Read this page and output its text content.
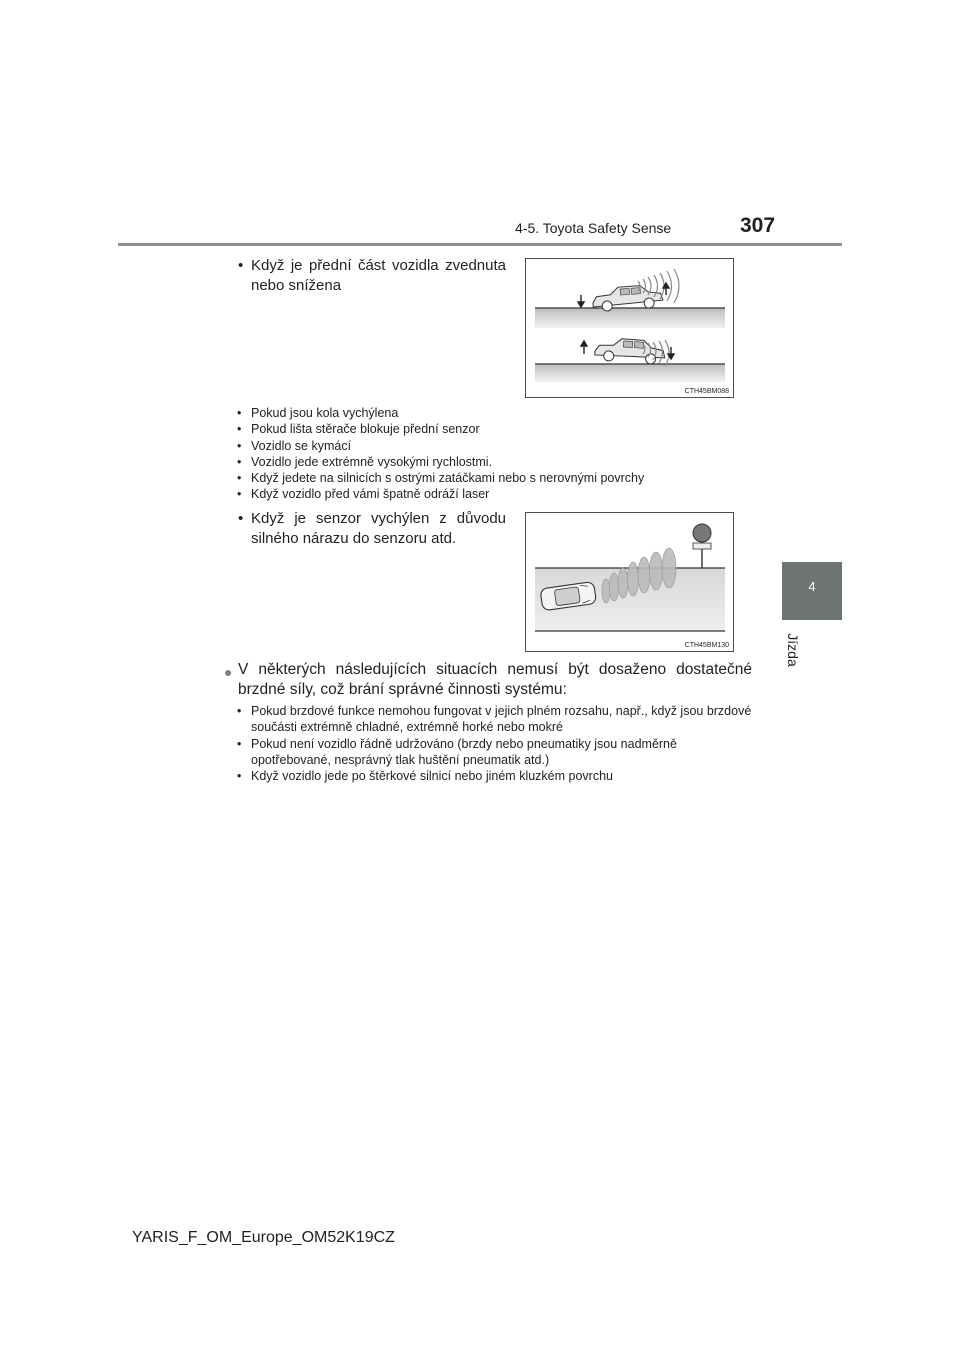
4-5. Toyota Safety Sense	307
4
Jízda
• Když je přední část vozidla zvednuta nebo snížena
CTH45BM088
• Pokud jsou kola vychýlena
• Pokud lišta stěrače blokuje přední senzor
• Vozidlo se kymácí
• Vozidlo jede extrémně vysokými rychlostmi.
• Když jedete na silnicích s ostrými zatáčkami nebo s nerovnými povrchy
• Když vozidlo před vámi špatně odráží laser
• Když je senzor vychýlen z důvodu silného nárazu do senzoru atd.
CTH45BM130
● V některých následujících situacích nemusí být dosaženo dostatečné brzdné síly, což brání správné činnosti systému:
• Pokud brzdové funkce nemohou fungovat v jejich plném rozsahu, např., když jsou brzdové součásti extrémně chladné, extrémně horké nebo mokré
• Pokud není vozidlo řádně udržováno (brzdy nebo pneumatiky jsou nadměrně opotřebované, nesprávný tlak huštění pneumatik atd.)
• Když vozidlo jede po štěrkové silnicí nebo jiném kluzkém povrchu
YARIS_F_OM_Europe_OM52K19CZ
